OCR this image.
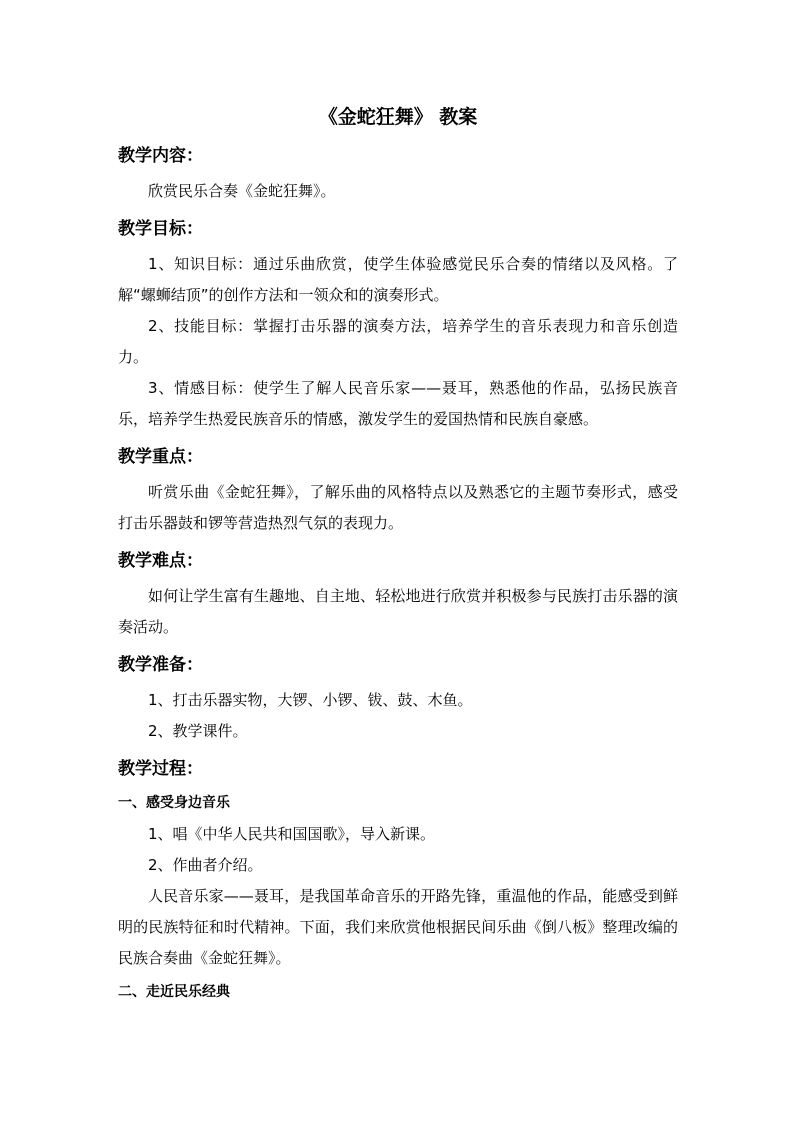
《金蛇狂舞》 教案
教学内容：

欣赏民乐合奏《金蛇狂舞》。

教学目标：

1、知识目标：通过乐曲欣赏，使学生体验感觉民乐合奏的情绪以及风格。了解“螺蛳结顶”的创作方法和一领众和的演奏形式。

2、技能目标：掌握打击乐器的演奏方法，培养学生的音乐表现力和音乐创造力。

3、情感目标：使学生了解人民音乐家——聂耳，熟悉他的作品，弘扬民族音乐，培养学生热爱民族音乐的情感，激发学生的爱国热情和民族自豪感。

教学重点：

听赏乐曲《金蛇狂舞》，了解乐曲的风格特点以及熟悉它的主题节奏形式，感受打击乐器鼓和锣等营造热烈气氛的表现力。

教学难点：

如何让学生富有生趣地、自主地、轻松地进行欣赏并积极参与民族打击乐器的演奏活动。

教学准备：

1、打击乐器实物，大锣、小锣、钹、鼓、木鱼。

2、教学课件。

教学过程：
一、感受身边音乐

1、唱《中华人民共和国国歌》，导入新课。

2、作曲者介绍。

人民音乐家——聂耳，是我国革命音乐的开路先锋，重温他的作品，能感受到鲜明的民族特征和时代精神。下面，我们来欣赏他根据民间乐曲《倒八板》整理改编的民族合奏曲《金蛇狂舞》。

二、走近民乐经典
